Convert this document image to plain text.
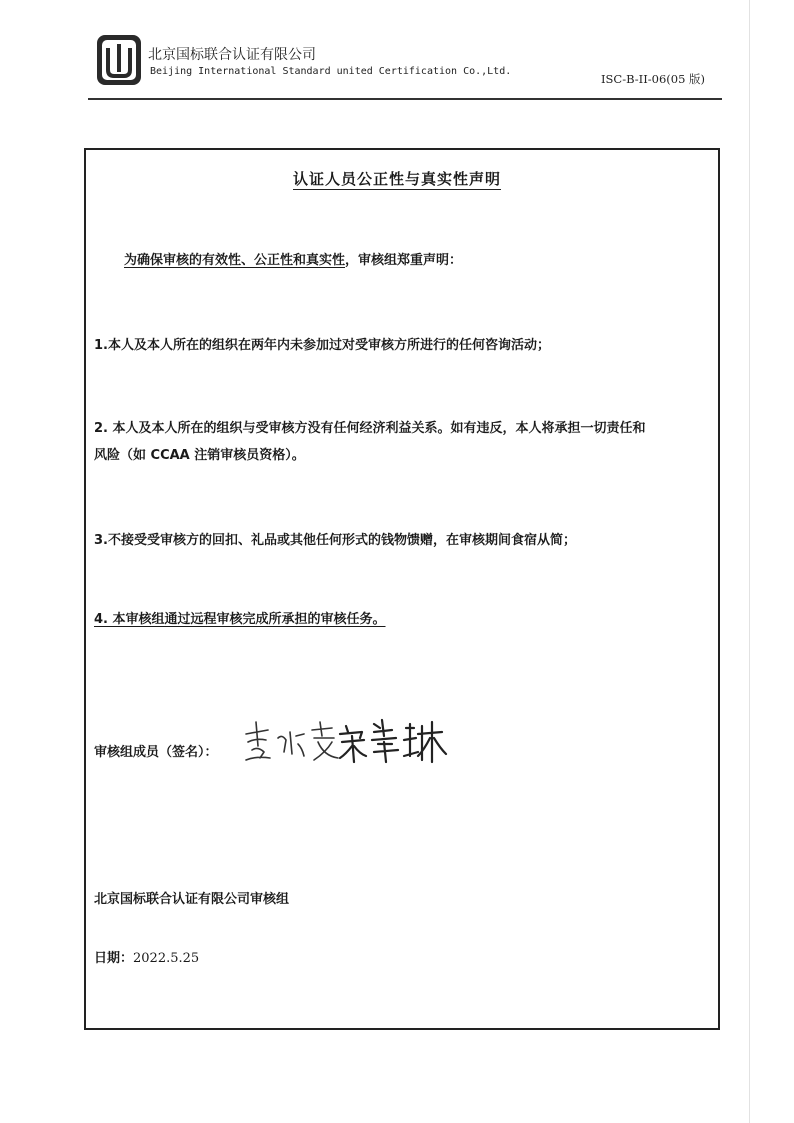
北京国标联合认证有限公司
Beijing International Standard united Certification Co.,Ltd.
ISC-B-II-06(05 版)
认证人员公正性与真实性声明
为确保审核的有效性、公正性和真实性，审核组郑重声明：
1.本人及本人所在的组织在两年内未参加过对受审核方所进行的任何咨询活动；
2. 本人及本人所在的组织与受审核方没有任何经济利益关系。如有违反，本人将承担一切责任和
风险（如 CCAA 注销审核员资格）。
3.不接受受审核方的回扣、礼品或其他任何形式的钱物馈赠，在审核期间食宿从简；
4. 本审核组通过远程审核完成所承担的审核任务。
审核组成员（签名）：
北京国标联合认证有限公司审核组
日期：2022.5.25
